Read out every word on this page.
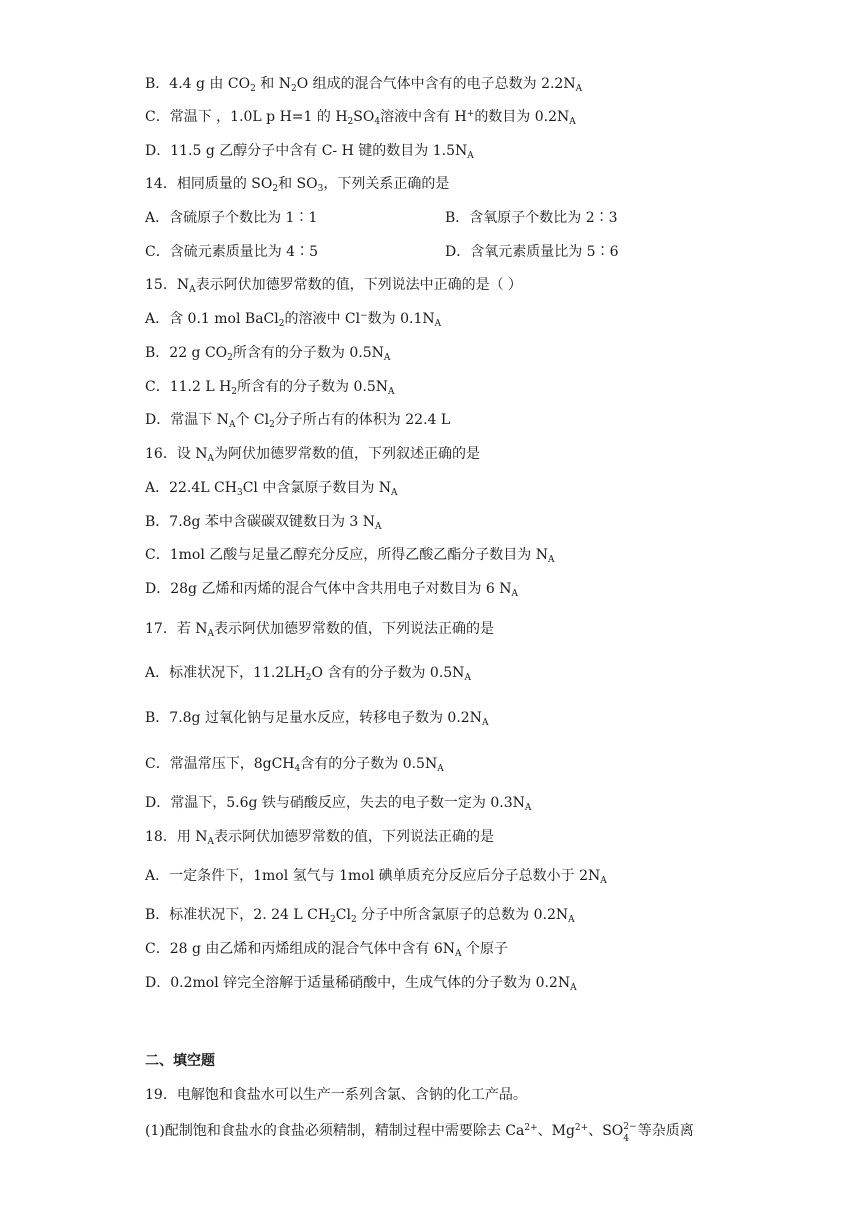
B．4.4 g 由 $CO_2$ 和 $N_2O$ 组成的混合气体中含有的电子总数为 $2.2N_A$
C．常温下 ，1.0L p H=1 的 $H_2SO_4$溶液中含有 H+的数目为 $0.2N_A$
D．11.5 g 乙醇分子中含有 C- H 键的数目为 $1.5N_A$
14．相同质量的 $SO_2$和 $SO_3$，下列关系正确的是
A．含硫原子个数比为 1∶1	B．含氧原子个数比为 2∶3
C．含硫元素质量比为 4∶5	D．含氧元素质量比为 5∶6
15．$N_A$表示阿伏加德罗常数的值，下列说法中正确的是（ ）
A．含 0.1 mol BaCl$_2$的溶液中 Cl−数为 $0.1N_A$
B．22 g $CO_2$所含有的分子数为 $0.5N_A$
C．11.2 L $H_2$所含有的分子数为 $0.5N_A$
D．常温下 $N_A$个 $Cl_2$分子所占有的体积为 22.4 L
16．设 $N_A$为阿伏加德罗常数的值，下列叙述正确的是
A．22.4L $CH_3Cl$ 中含氯原子数目为 $N_A$
B．7.8g 苯中含碳碳双键数日为 3 $N_A$
C．1mol 乙酸与足量乙醇充分反应，所得乙酸乙酯分子数目为 $N_A$
D．28g 乙烯和丙烯的混合气体中含共用电子对数目为 6 $N_A$
17．若 $N_A$表示阿伏加德罗常数的值，下列说法正确的是
A．标准状况下，$11.2LH_2O$ 含有的分子数为 $0.5N_A$
B．7.8g 过氧化钠与足量水反应，转移电子数为 $0.2N_A$
C．常温常压下，8gCH$_4$含有的分子数为 $0.5N_A$
D．常温下，5.6g 铁与硝酸反应，失去的电子数一定为 $0.3N_A$
18．用 $N_A$表示阿伏加德罗常数的值，下列说法正确的是
A．一定条件下，1mol 氢气与 1mol 碘单质充分反应后分子总数小于 $2N_A$
B．标准状况下，2. 24 L $CH_2Cl_2$ 分子中所含氯原子的总数为 $0.2N_A$
C．28 g 由乙烯和丙烯组成的混合气体中含有 $6N_A$ 个原子
D．0.2mol 锌完全溶解于适量稀硝酸中，生成气体的分子数为 $0.2N_A$
二、填空题
19．电解饱和食盐水可以生产一系列含氯、含钠的化工产品。
(1)配制饱和食盐水的食盐必须精制，精制过程中需要除去 $Ca^{2+}$、$Mg^{2+}$、SO 2−
4 等杂质离
